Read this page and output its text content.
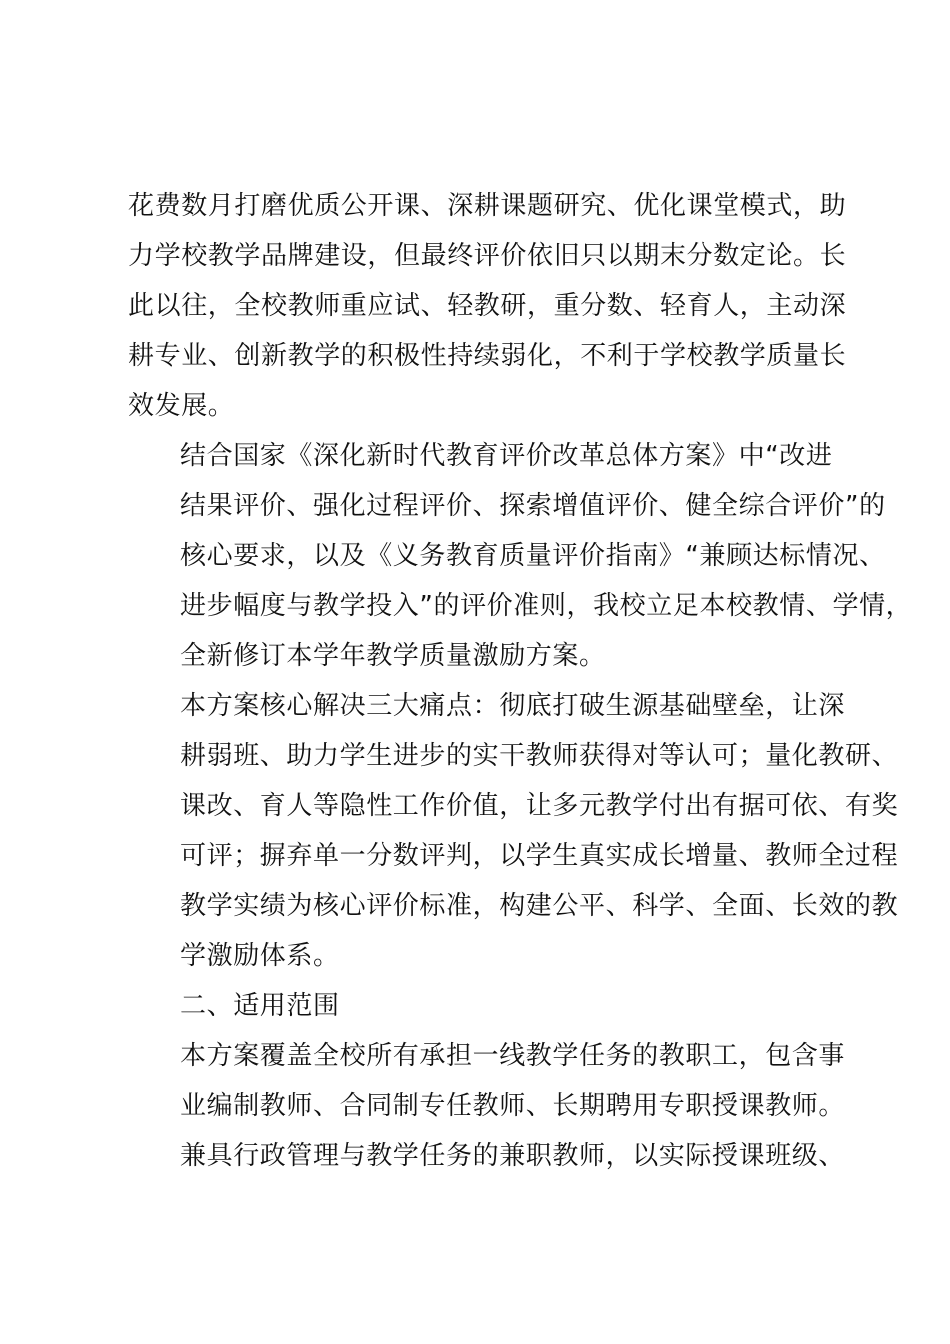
花费数月打磨优质公开课、深耕课题研究、优化课堂模式，助
力学校教学品牌建设，但最终评价依旧只以期末分数定论。长
此以往，全校教师重应试、轻教研，重分数、轻育人，主动深
耕专业、创新教学的积极性持续弱化，不利于学校教学质量长
效发展。

结合国家《深化新时代教育评价改革总体方案》中“改进
结果评价、强化过程评价、探索增值评价、健全综合评价”的
核心要求，以及《义务教育质量评价指南》“兼顾达标情况、
进步幅度与教学投入”的评价准则，我校立足本校教情、学情，
全新修订本学年教学质量激励方案。

本方案核心解决三大痛点：彻底打破生源基础壁垒，让深
耕弱班、助力学生进步的实干教师获得对等认可；量化教研、
课改、育人等隐性工作价值，让多元教学付出有据可依、有奖
可评；摒弃单一分数评判，以学生真实成长增量、教师全过程
教学实绩为核心评价标准，构建公平、科学、全面、长效的教
学激励体系。

二、适用范围

本方案覆盖全校所有承担一线教学任务的教职工，包含事
业编制教师、合同制专任教师、长期聘用专职授课教师。

兼具行政管理与教学任务的兼职教师，以实际授课班级、
